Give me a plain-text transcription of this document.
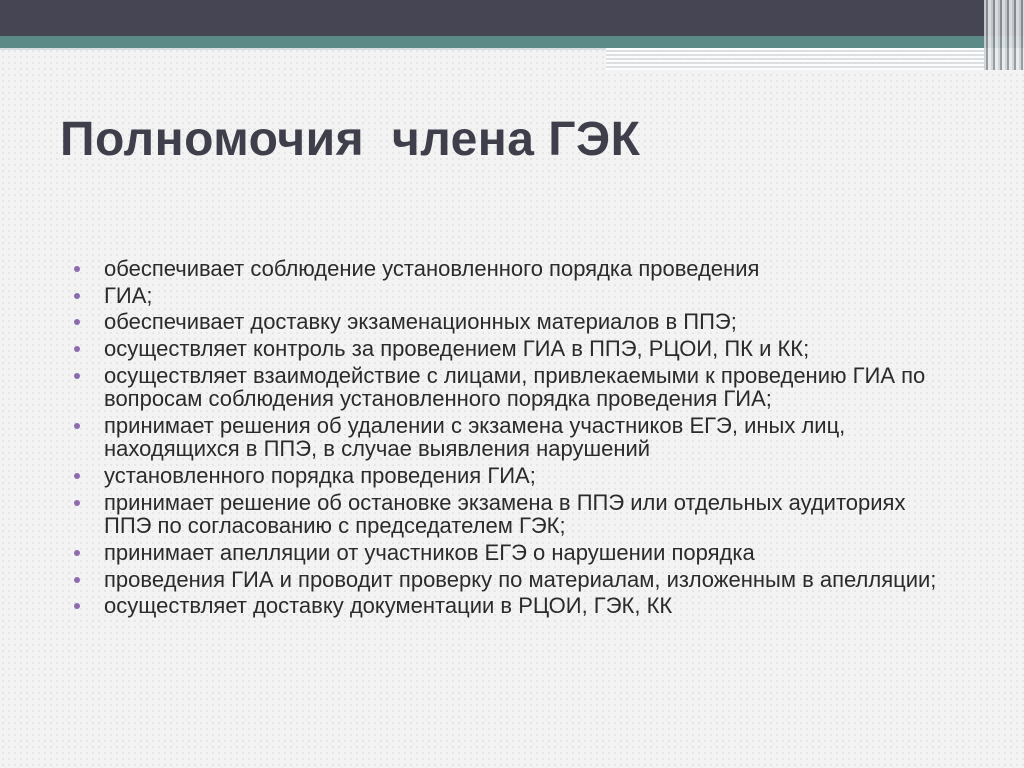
Полномочия  члена ГЭК
обеспечивает соблюдение установленного порядка проведения
ГИА;
обеспечивает доставку экзаменационных материалов в ППЭ;
осуществляет контроль за проведением ГИА в ППЭ, РЦОИ, ПК и КК;
осуществляет взаимодействие с лицами, привлекаемыми к проведению ГИА по вопросам соблюдения установленного порядка проведения ГИА;
принимает решения об удалении с экзамена участников ЕГЭ, иных лиц, находящихся в ППЭ, в случае выявления нарушений
установленного порядка проведения ГИА;
принимает решение об остановке экзамена в ППЭ или отдельных аудиториях ППЭ по согласованию с председателем ГЭК;
принимает апелляции от участников ЕГЭ о нарушении порядка
проведения ГИА и проводит проверку по материалам, изложенным в апелляции;
осуществляет доставку документации в РЦОИ, ГЭК, КК
